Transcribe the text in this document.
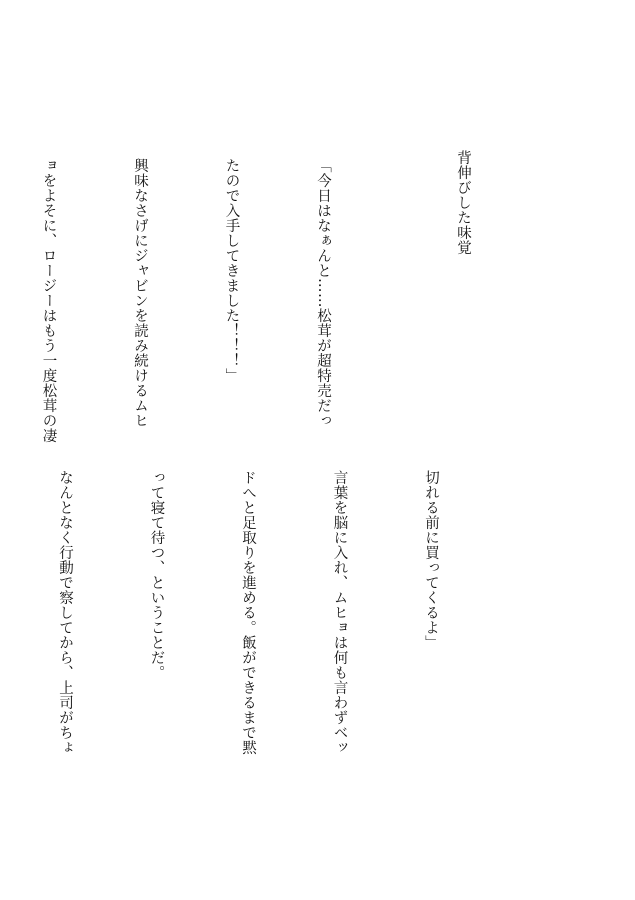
背伸びした味覚

「今日はなぁんと……松茸が超特売だっ

たので入手してきました！！！」

興味なさげにジャビンを読み続けるムヒ

ョをよそに、ロージーはもう一度松茸の凄

切れる前に買ってくるよ」

言葉を脳に入れ、ムヒョは何も言わずベッ

ドへと足取りを進める。飯ができるまで黙

って寝て待つ、ということだ。

なんとなく行動で察してから、上司がちょ
